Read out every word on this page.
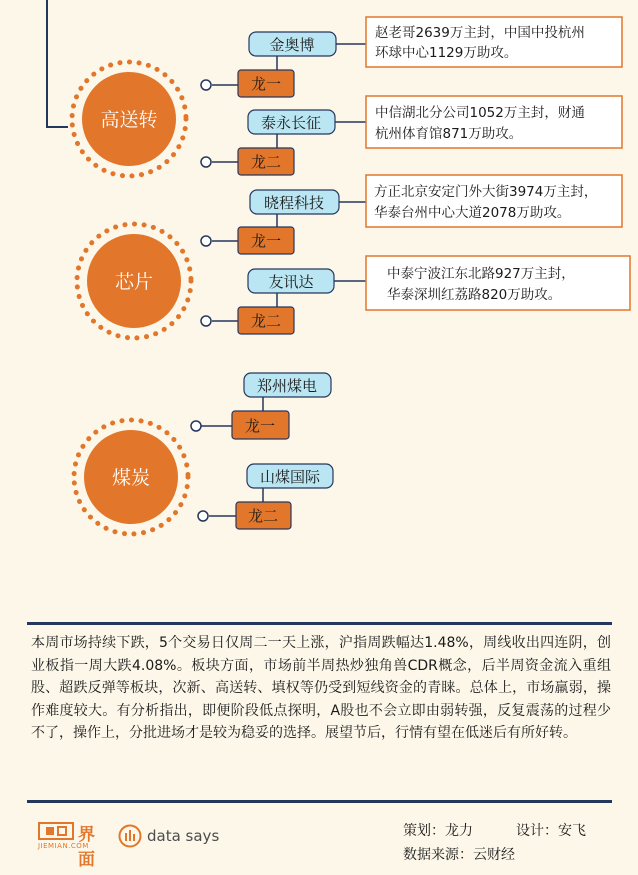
高送转
龙一
金奥博
赵老哥2639万主封，中国中投杭州
环球中心1129万助攻。
龙二
泰永长征
中信湖北分公司1052万主封，财通
杭州体育馆871万助攻。
芯片
龙一
晓程科技
方正北京安定门外大街3974万主封，
华泰台州中心大道2078万助攻。
龙二
友讯达	中泰宁波江东北路927万主封，
华泰深圳红荔路820万助攻。
煤炭
龙一
郑州煤电
龙二
山煤国际

本周市场持续下跌，5个交易日仅周二一天上涨，沪指周跌幅达1.48%，周线收出四连阴，创业板指一周大跌4.08%。板块方面，市场前半周热炒独角兽CDR概念，后半周资金流入重组股、超跌反弹等板块，次新、高送转、填权等仍受到短线资金的青睐。总体上，市场羸弱，操作难度较大。有分析指出，即便阶段低点探明，A股也不会立即由弱转强，反复震荡的过程少不了，操作上，分批进场才是较为稳妥的选择。展望节后，行情有望在低迷后有所好转。

界面
JIEMIAN.COM
data says	策划：龙力	设计：安飞
数据来源：云财经
